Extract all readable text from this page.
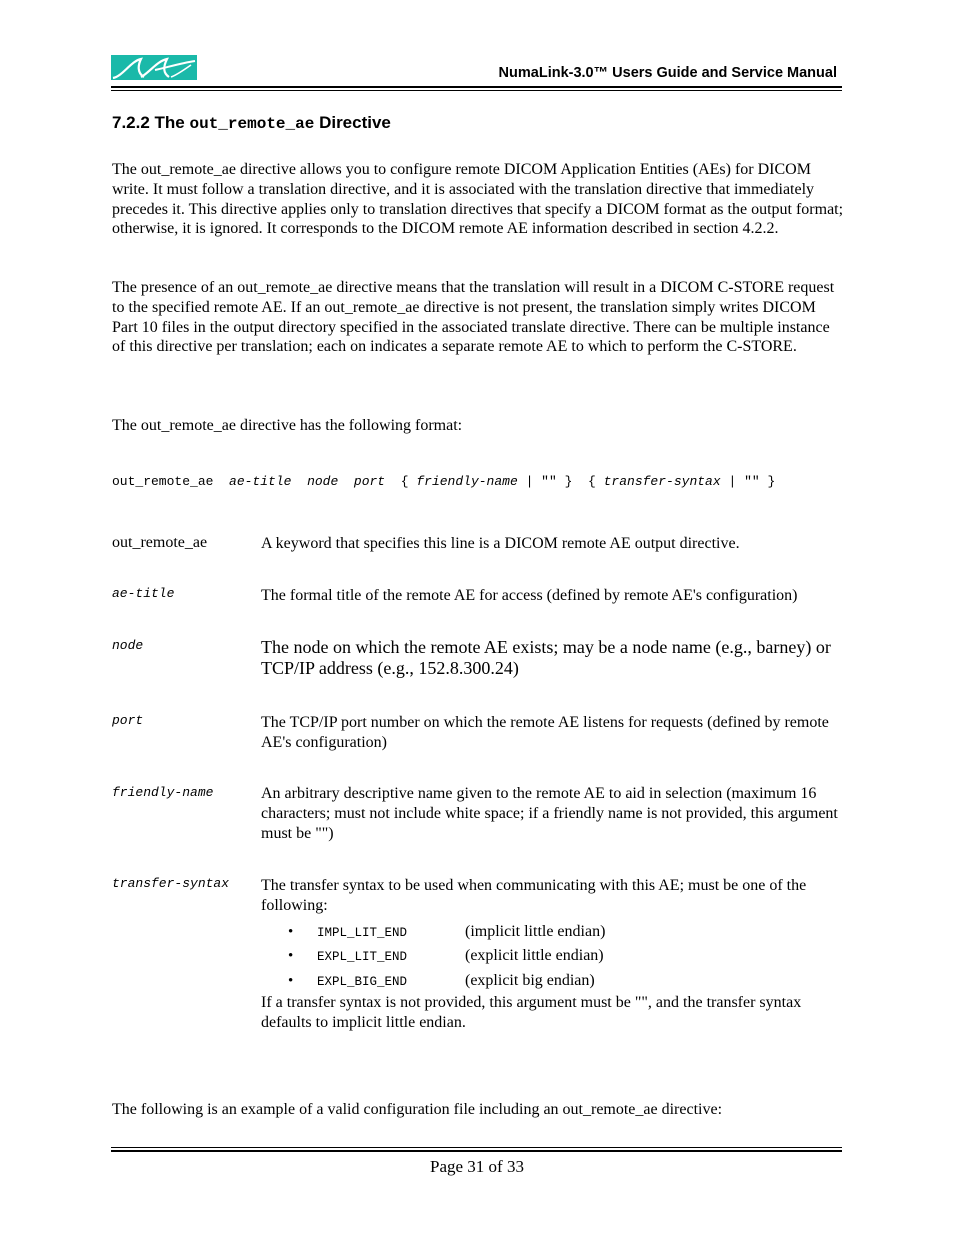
NumaLink-3.0™ Users Guide and Service Manual
7.2.2 The out_remote_ae Directive
The out_remote_ae directive allows you to configure remote DICOM Application Entities (AEs) for DICOM write. It must follow a translation directive, and it is associated with the translation directive that immediately precedes it. This directive applies only to translation directives that specify a DICOM format as the output format; otherwise, it is ignored. It corresponds to the DICOM remote AE information described in section 4.2.2.
The presence of an out_remote_ae directive means that the translation will result in a DICOM C-STORE request to the specified remote AE. If an out_remote_ae directive is not present, the translation simply writes DICOM Part 10 files in the output directory specified in the associated translate directive. There can be multiple instance of this directive per translation; each on indicates a separate remote AE to which to perform the C-STORE.
The out_remote_ae directive has the following format:
out_remote_ae ae-title node port { friendly-name | "" } { transfer-syntax | "" }
out_remote_ae	A keyword that specifies this line is a DICOM remote AE output directive.
ae-title	The formal title of the remote AE for access (defined by remote AE's configuration)
node	The node on which the remote AE exists; may be a node name (e.g., barney) or TCP/IP address (e.g., 152.8.300.24)
port	The TCP/IP port number on which the remote AE listens for requests (defined by remote AE's configuration)
friendly-name	An arbitrary descriptive name given to the remote AE to aid in selection (maximum 16 characters; must not include white space; if a friendly name is not provided, this argument must be "")
transfer-syntax The transfer syntax to be used when communicating with this AE; must be one of the following:
• IMPL_LIT_END	(implicit little endian)
• EXPL_LIT_END	(explicit little endian)
• EXPL_BIG_END	(explicit big endian)
If a transfer syntax is not provided, this argument must be "", and the transfer syntax defaults to implicit little endian.
The following is an example of a valid configuration file including an out_remote_ae directive:
Page 31 of 33
